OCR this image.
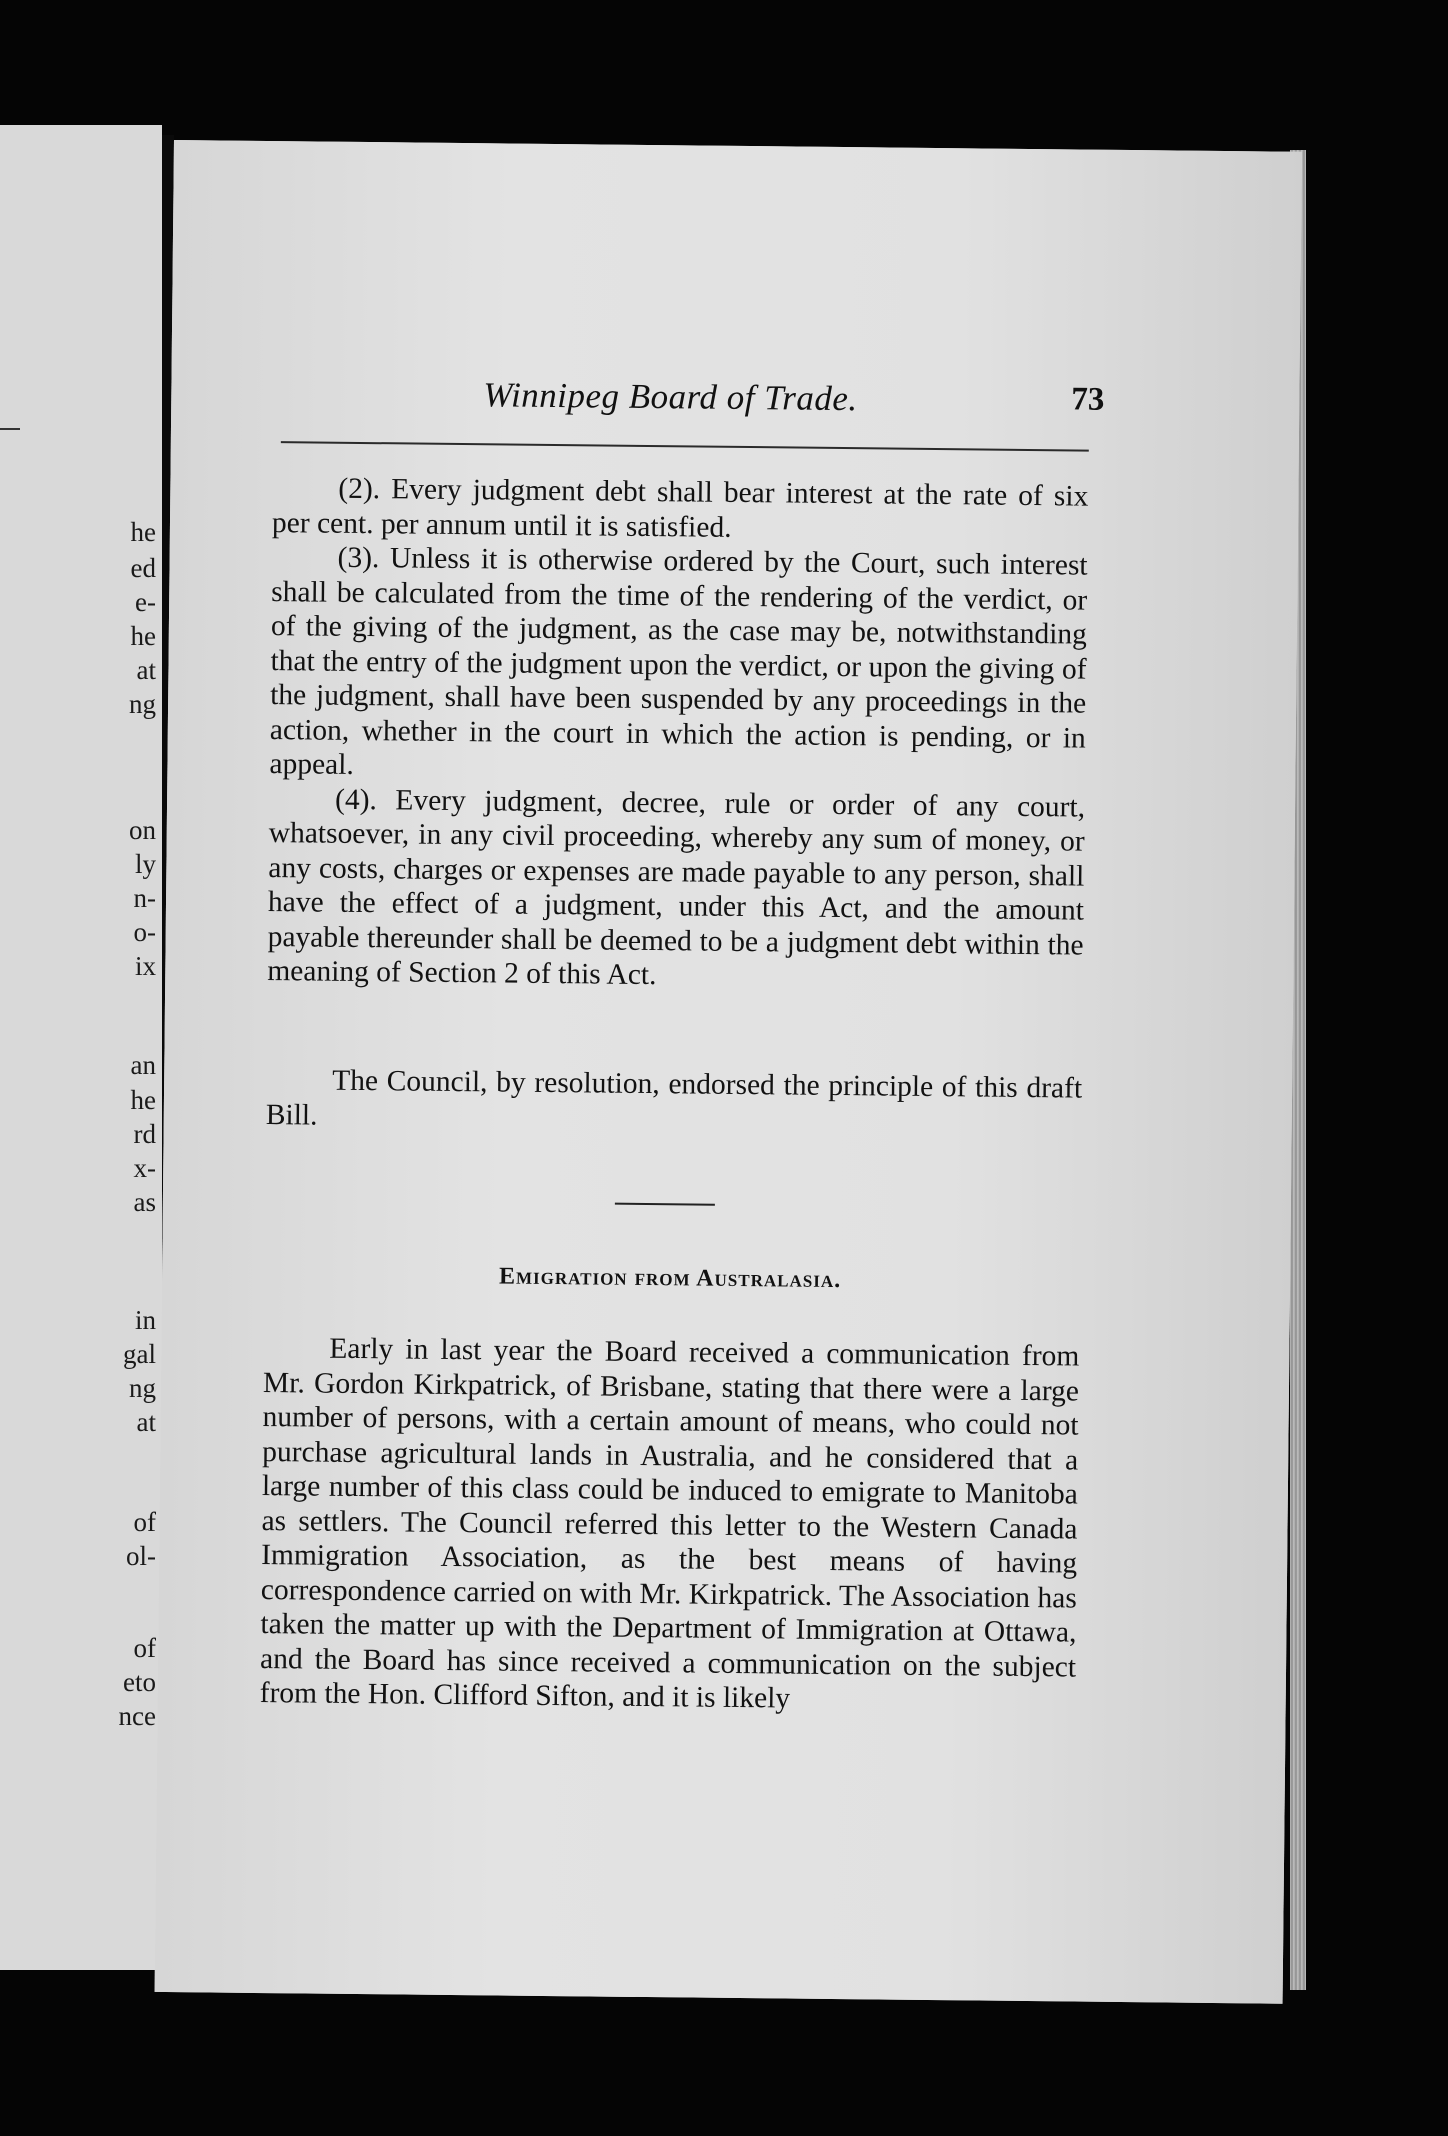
he
ed
e-
he
at
ng
on
ly
n-
o-
ix
an
he
rd
x-
as
in
gal
ng
at
of
ol-
of
eto
nce
Winnipeg Board of Trade.	73

(2). Every judgment debt shall bear interest at the rate of six per cent. per annum until it is satisfied.

(3). Unless it is otherwise ordered by the Court, such interest shall be calculated from the time of the rendering of the verdict, or of the giving of the judgment, as the case may be, notwithstanding that the entry of the judgment upon the verdict, or upon the giving of the judgment, shall have been suspended by any proceedings in the action, whether in the court in which the action is pending, or in appeal.

(4). Every judgment, decree, rule or order of any court, whatsoever, in any civil proceeding, whereby any sum of money, or any costs, charges or expenses are made payable to any person, shall have the effect of a judgment, under this Act, and the amount payable thereunder shall be deemed to be a judgment debt within the meaning of Section 2 of this Act.

The Council, by resolution, endorsed the principle of this draft Bill.

Emigration from Australasia.

Early in last year the Board received a communication from Mr. Gordon Kirkpatrick, of Brisbane, stating that there were a large number of persons, with a certain amount of means, who could not purchase agricultural lands in Australia, and he considered that a large number of this class could be induced to emigrate to Manitoba as settlers. The Council referred this letter to the Western Canada Immigration Association, as the best means of having correspondence carried on with Mr. Kirkpatrick. The Association has taken the matter up with the Department of Immigration at Ottawa, and the Board has since received a communication on the subject from the Hon. Clifford Sifton, and it is likely
